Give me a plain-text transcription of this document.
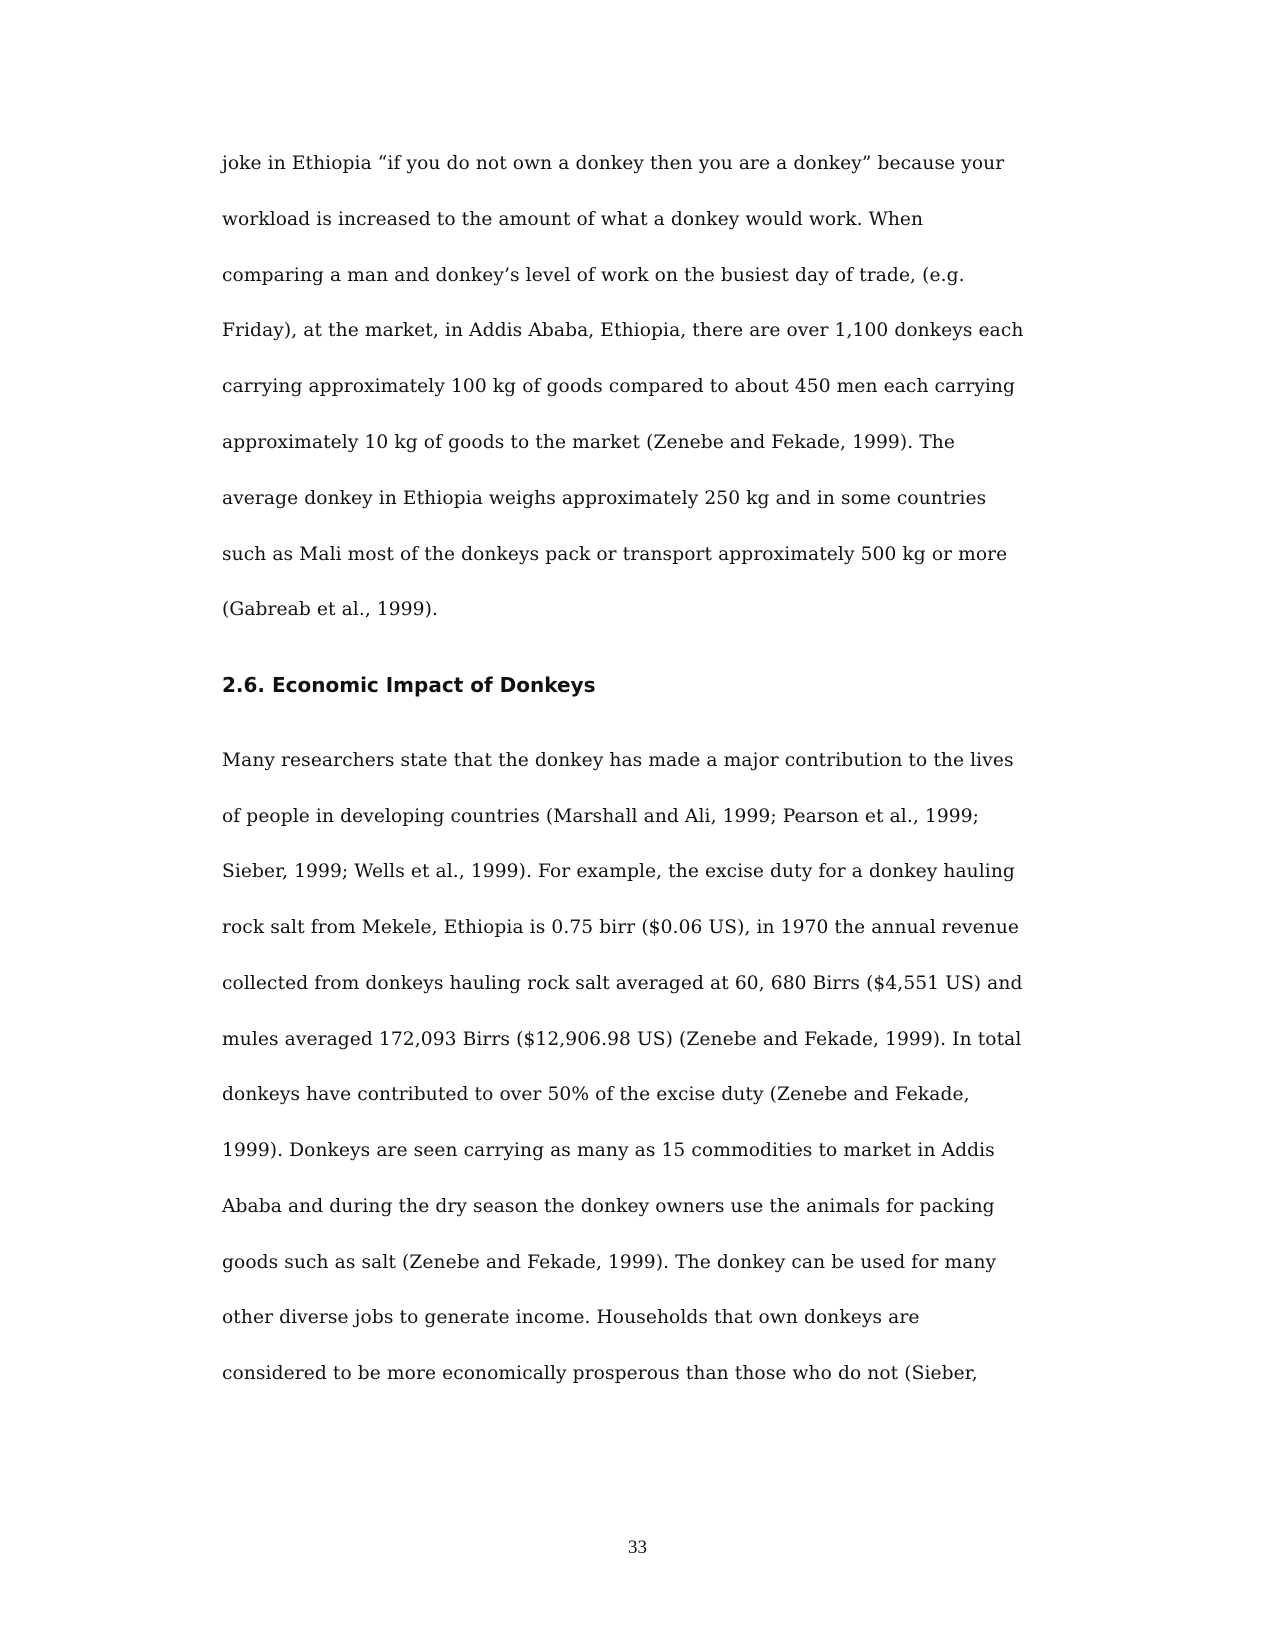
joke in Ethiopia “if you do not own a donkey then you are a donkey” because your
workload is increased to the amount of what a donkey would work. When
comparing a man and donkey’s level of work on the busiest day of trade, (e.g.
Friday), at the market, in Addis Ababa, Ethiopia, there are over 1,100 donkeys each
carrying approximately 100 kg of goods compared to about 450 men each carrying
approximately 10 kg of goods to the market (Zenebe and Fekade, 1999). The
average donkey in Ethiopia weighs approximately 250 kg and in some countries
such as Mali most of the donkeys pack or transport approximately 500 kg or more
(Gabreab et al., 1999).
2.6. Economic Impact of Donkeys
Many researchers state that the donkey has made a major contribution to the lives
of people in developing countries (Marshall and Ali, 1999; Pearson et al., 1999;
Sieber, 1999; Wells et al., 1999). For example, the excise duty for a donkey hauling
rock salt from Mekele, Ethiopia is 0.75 birr ($0.06 US), in 1970 the annual revenue
collected from donkeys hauling rock salt averaged at 60, 680 Birrs ($4,551 US) and
mules averaged 172,093 Birrs ($12,906.98 US) (Zenebe and Fekade, 1999). In total
donkeys have contributed to over 50% of the excise duty (Zenebe and Fekade,
1999). Donkeys are seen carrying as many as 15 commodities to market in Addis
Ababa and during the dry season the donkey owners use the animals for packing
goods such as salt (Zenebe and Fekade, 1999). The donkey can be used for many
other diverse jobs to generate income. Households that own donkeys are
considered to be more economically prosperous than those who do not (Sieber,
33
